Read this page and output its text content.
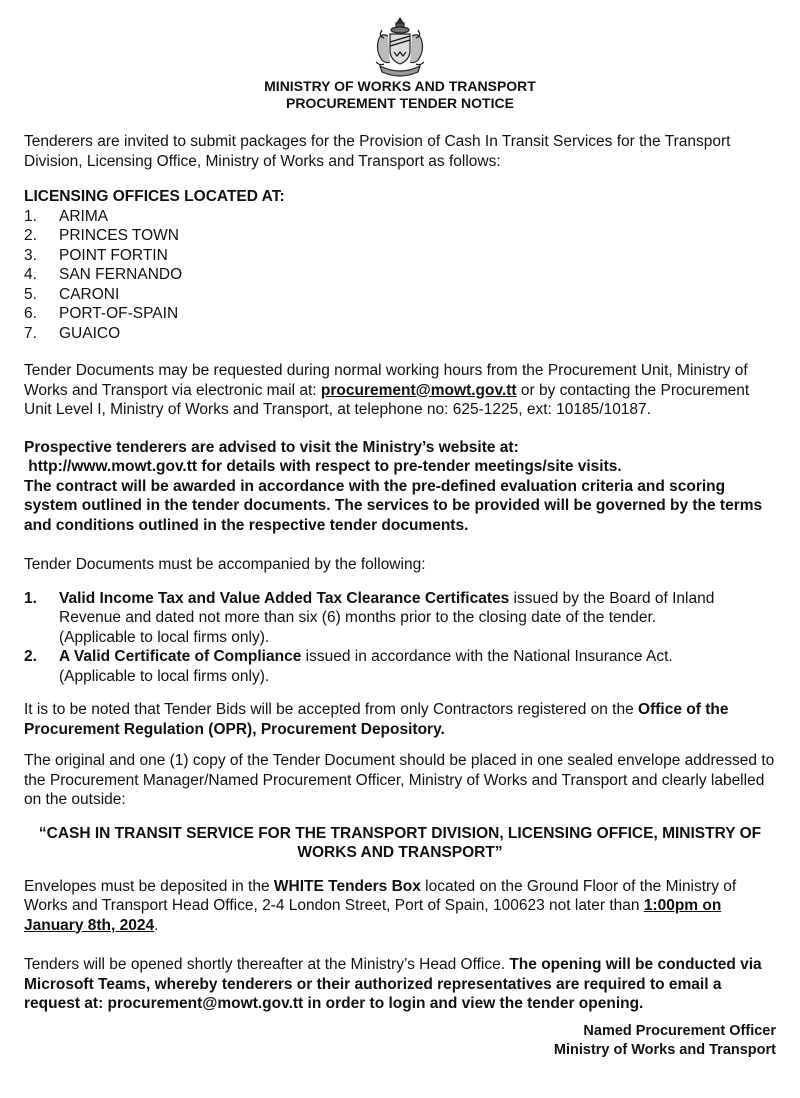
MINISTRY OF WORKS AND TRANSPORT
PROCUREMENT TENDER NOTICE

Tenderers are invited to submit packages for the Provision of Cash In Transit Services for the Transport Division, Licensing Office, Ministry of Works and Transport as follows:

LICENSING OFFICES LOCATED AT:
1.	ARIMA
2.	PRINCES TOWN
3.	POINT FORTIN
4.	SAN FERNANDO
5.	CARONI
6.	PORT-OF-SPAIN
7.	GUAICO

Tender Documents may be requested during normal working hours from the Procurement Unit, Ministry of Works and Transport via electronic mail at: procurement@mowt.gov.tt or by contacting the Procurement Unit Level I, Ministry of Works and Transport, at telephone no: 625-1225, ext: 10185/10187.

Prospective tenderers are advised to visit the Ministry’s website at:
http://www.mowt.gov.tt for details with respect to pre-tender meetings/site visits.
The contract will be awarded in accordance with the pre-defined evaluation criteria and scoring system outlined in the tender documents. The services to be provided will be governed by the terms and conditions outlined in the respective tender documents.

Tender Documents must be accompanied by the following:

1.	Valid Income Tax and Value Added Tax Clearance Certificates issued by the Board of Inland Revenue and dated not more than six (6) months prior to the closing date of the tender.
(Applicable to local firms only).
2.	A Valid Certificate of Compliance issued in accordance with the National Insurance Act.
(Applicable to local firms only).

It is to be noted that Tender Bids will be accepted from only Contractors registered on the Office of the Procurement Regulation (OPR), Procurement Depository.

The original and one (1) copy of the Tender Document should be placed in one sealed envelope addressed to the Procurement Manager/Named Procurement Officer, Ministry of Works and Transport and clearly labelled on the outside:

“CASH IN TRANSIT SERVICE FOR THE TRANSPORT DIVISION, LICENSING OFFICE, MINISTRY OF WORKS AND TRANSPORT”

Envelopes must be deposited in the WHITE Tenders Box located on the Ground Floor of the Ministry of Works and Transport Head Office, 2-4 London Street, Port of Spain, 100623 not later than 1:00pm on January 8th, 2024.

Tenders will be opened shortly thereafter at the Ministry’s Head Office. The opening will be conducted via Microsoft Teams, whereby tenderers or their authorized representatives are required to email a request at: procurement@mowt.gov.tt in order to login and view the tender opening.

Named Procurement Officer
Ministry of Works and Transport
